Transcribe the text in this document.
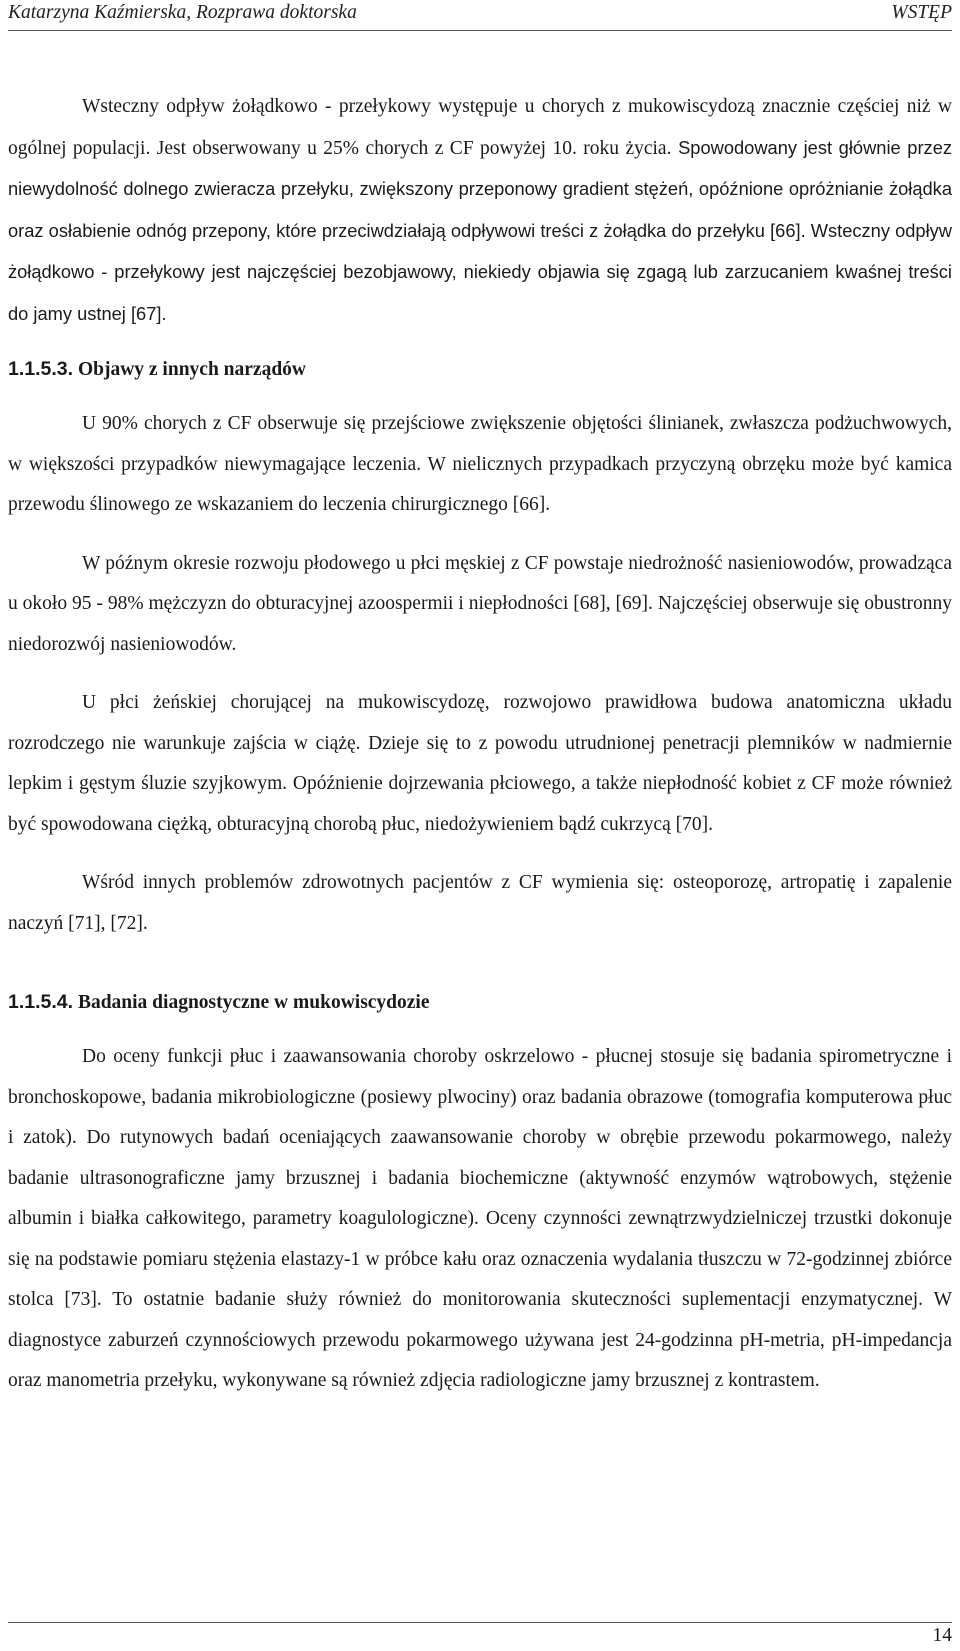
Katarzyna Kaźmierska, Rozprawa doktorska	WSTĘP

Wsteczny odpływ żołądkowo - przełykowy występuje u chorych z mukowiscydozą znacznie częściej niż w ogólnej populacji. Jest obserwowany u 25% chorych z CF powyżej 10. roku życia. Spowodowany jest głównie przez niewydolność dolnego zwieracza przełyku, zwiększony przeponowy gradient stężeń, opóźnione opróżnianie żołądka oraz osłabienie odnóg przepony, które przeciwdziałają odpływowi treści z żołądka do przełyku [66]. Wsteczny odpływ żołądkowo - przełykowy jest najczęściej bezobjawowy, niekiedy objawia się zgagą lub zarzucaniem kwaśnej treści do jamy ustnej [67].

1.1.5.3. Objawy z innych narządów

U 90% chorych z CF obserwuje się przejściowe zwiększenie objętości ślinianek, zwłaszcza podżuchwowych, w większości przypadków niewymagające leczenia. W nielicznych przypadkach przyczyną obrzęku może być kamica przewodu ślinowego ze wskazaniem do leczenia chirurgicznego [66].

W późnym okresie rozwoju płodowego u płci męskiej z CF powstaje niedrożność nasieniowodów, prowadząca u około 95 - 98% mężczyzn do obturacyjnej azoospermii i niepłodności [68], [69]. Najczęściej obserwuje się obustronny niedorozwój nasieniowodów.

U płci żeńskiej chorującej na mukowiscydozę, rozwojowo prawidłowa budowa anatomiczna układu rozrodczego nie warunkuje zajścia w ciążę. Dzieje się to z powodu utrudnionej penetracji plemników w nadmiernie lepkim i gęstym śluzie szyjkowym. Opóźnienie dojrzewania płciowego, a także niepłodność kobiet z CF może również być spowodowana ciężką, obturacyjną chorobą płuc, niedożywieniem bądź cukrzycą [70].

Wśród innych problemów zdrowotnych pacjentów z CF wymienia się: osteoporozę, artropatię i zapalenie naczyń [71], [72].

1.1.5.4. Badania diagnostyczne w mukowiscydozie

Do oceny funkcji płuc i zaawansowania choroby oskrzelowo - płucnej stosuje się badania spirometryczne i bronchoskopowe, badania mikrobiologiczne (posiewy plwociny) oraz badania obrazowe (tomografia komputerowa płuc i zatok). Do rutynowych badań oceniających zaawansowanie choroby w obrębie przewodu pokarmowego, należy badanie ultrasonograficzne jamy brzusznej i badania biochemiczne (aktywność enzymów wątrobowych, stężenie albumin i białka całkowitego, parametry koagulologiczne). Oceny czynności zewnątrzwydzielniczej trzustki dokonuje się na podstawie pomiaru stężenia elastazy-1 w próbce kału oraz oznaczenia wydalania tłuszczu w 72-godzinnej zbiórce stolca [73]. To ostatnie badanie służy również do monitorowania skuteczności suplementacji enzymatycznej. W diagnostyce zaburzeń czynnościowych przewodu pokarmowego używana jest 24-godzinna pH-metria, pH-impedancja oraz manometria przełyku, wykonywane są również zdjęcia radiologiczne jamy brzusznej z kontrastem.

14
